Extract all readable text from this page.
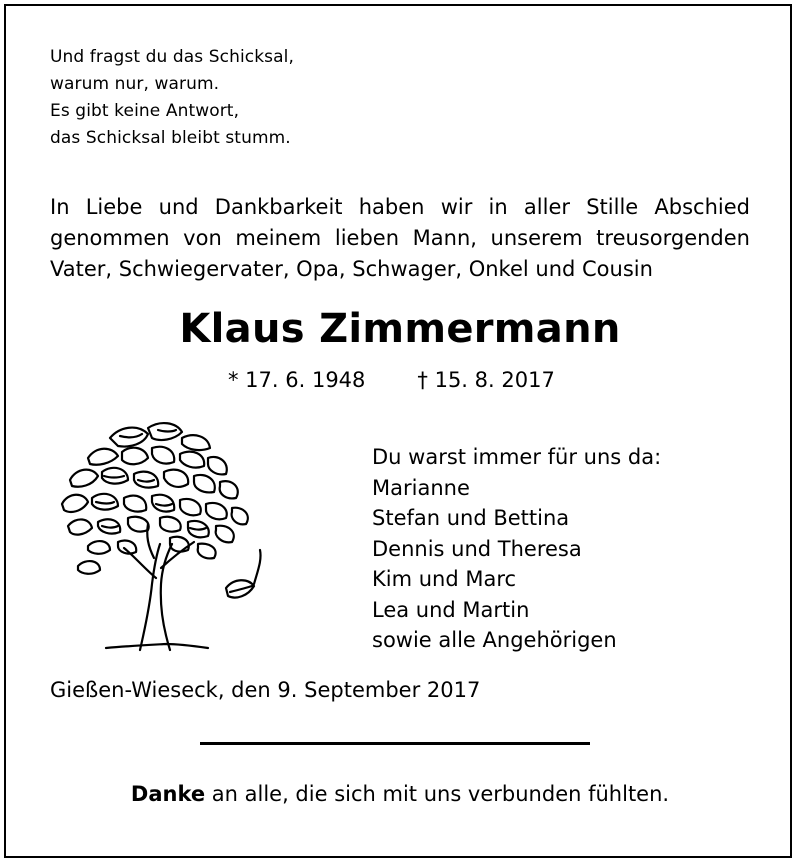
Und fragst du das Schicksal,
warum nur, warum.
Es gibt keine Antwort,
das Schicksal bleibt stumm.
In Liebe und Dankbarkeit haben wir in aller Stille Abschied
genommen von meinem lieben Mann, unserem treusorgenden
Vater, Schwiegervater, Opa, Schwager, Onkel und Cousin
Klaus Zimmermann
* 17. 6. 1948 † 15. 8. 2017
Du warst immer für uns da:
Marianne
Stefan und Bettina
Dennis und Theresa
Kim und Marc
Lea und Martin
sowie alle Angehörigen
Gießen-Wieseck, den 9. September 2017
Danke an alle, die sich mit uns verbunden fühlten.
